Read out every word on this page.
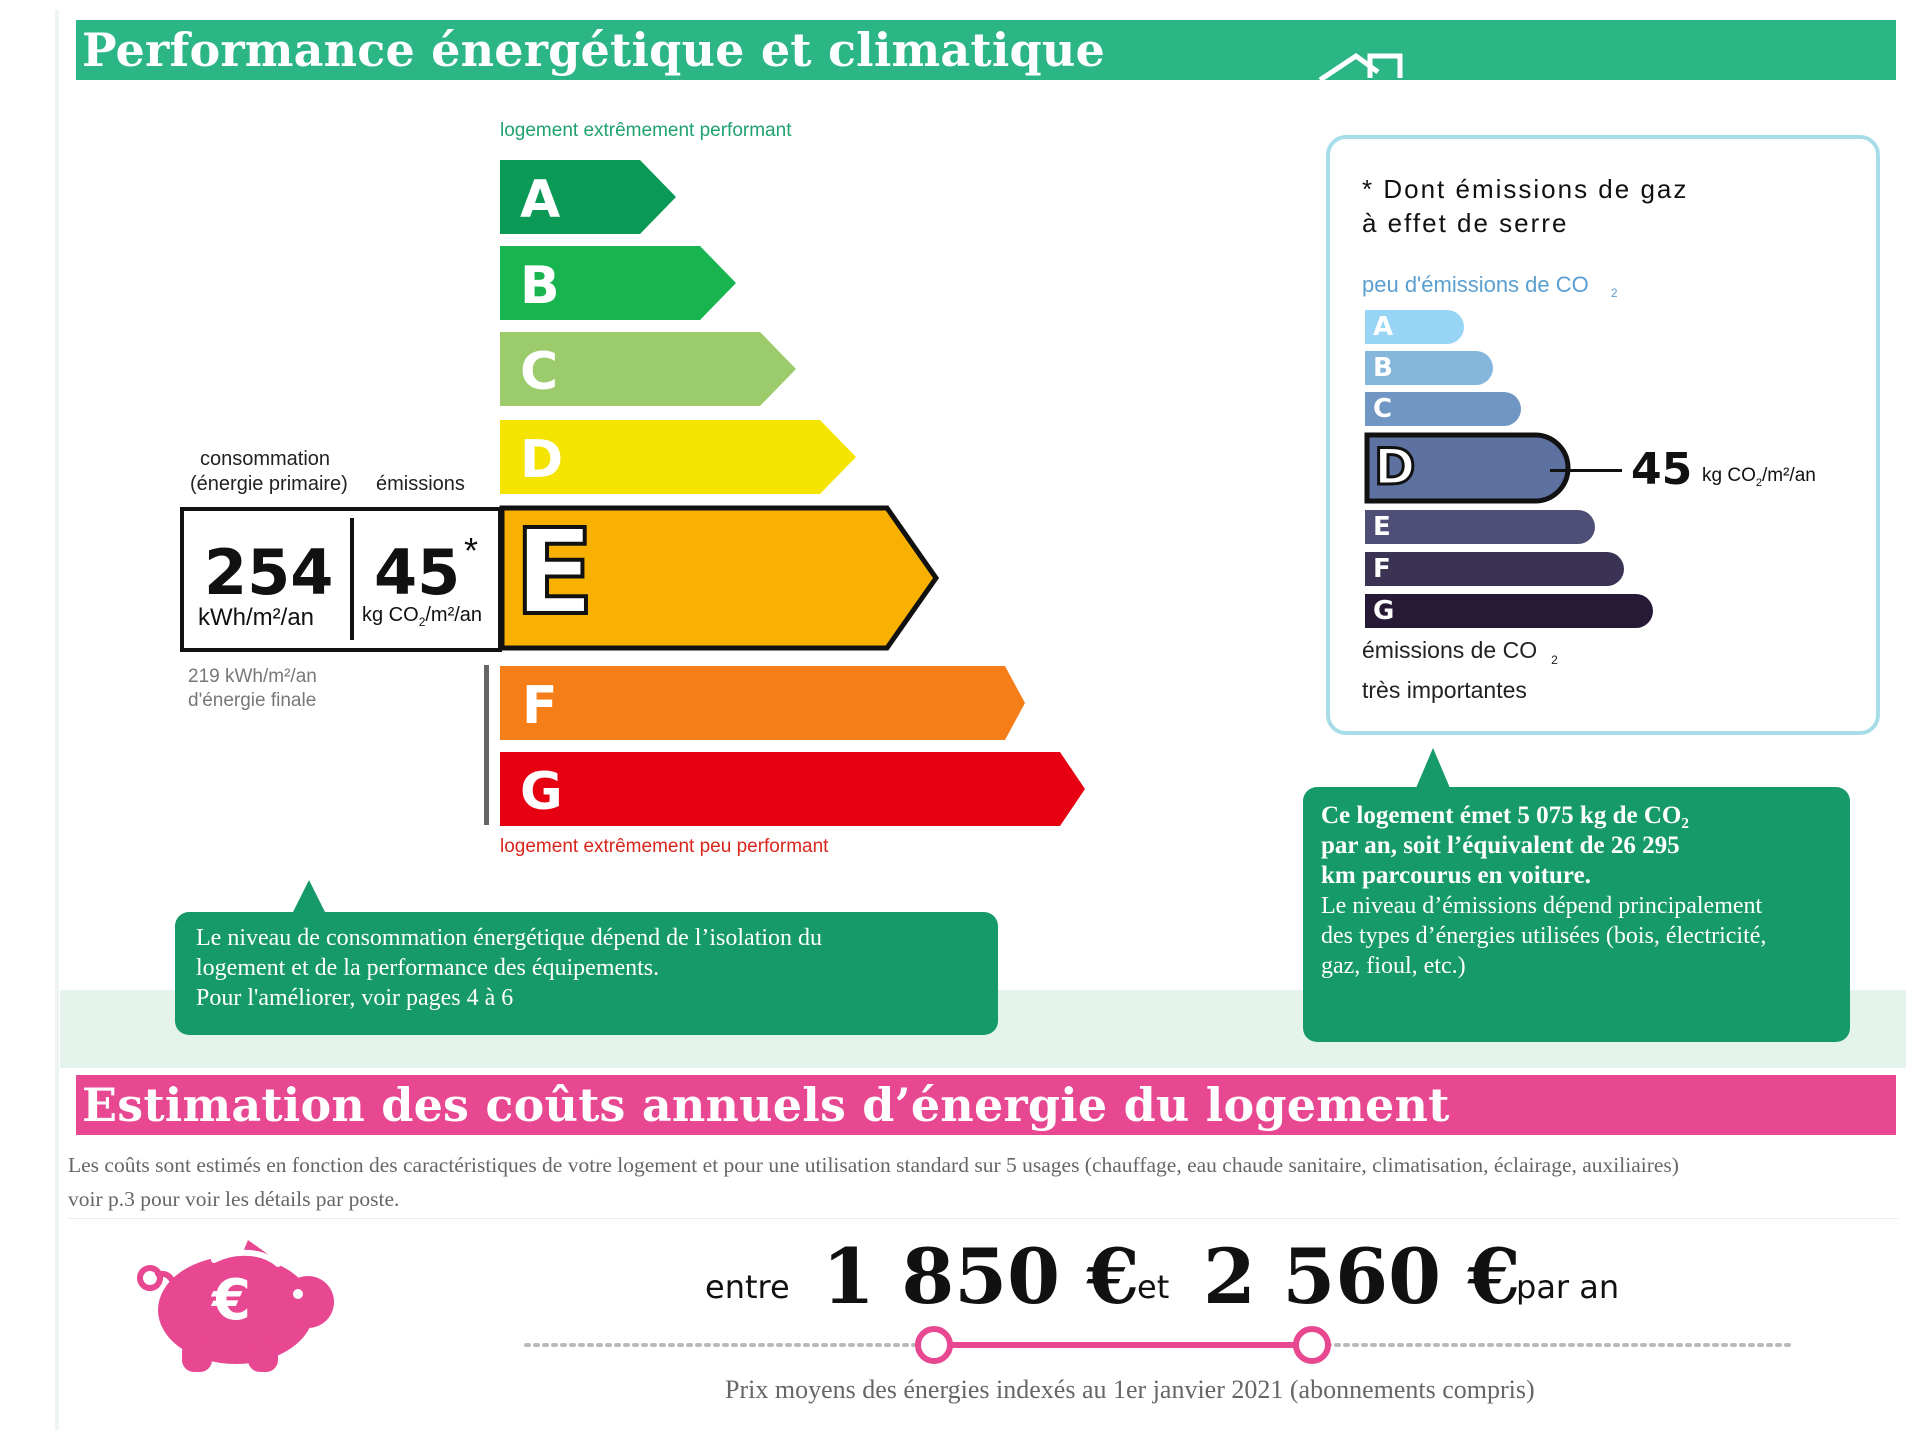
Performance énergétique et climatique
logement extrêmement performant
A
B
C
D
E
F
G
logement extrêmement peu performant
consommation
(énergie primaire) émissions
254
kWh/m²/an
45 *
kg $CO_2/m^2/an$
219 kWh/m²/an
d'énergie finale
Le niveau de consommation énergétique dépend de l’isolation du
logement et de la performance des équipements.
Pour l'améliorer, voir pages 4 à 6
* Dont émissions de gaz
à effet de serre
peu d'émissions de CO $_2$
A
B
C
D
E
F
G
45 kg $CO_2/m^2/an$
émissions de CO $_2$
très importantes
Ce logement émet 5 075 kg de CO₂
par an, soit l’équivalent de 26 295
km parcourus en voiture.
Le niveau d’émissions dépend principalement
des types d’énergies utilisées (bois, électricité,
gaz, fioul, etc.)
Estimation des coûts annuels d’énergie du logement
Les coûts sont estimés en fonction des caractéristiques de votre logement et pour une utilisation standard sur 5 usages (chauffage, eau chaude sanitaire, climatisation, éclairage, auxiliaires)
voir p.3 pour voir les détails par poste.
€	entre 1 850 €
et 2 560 €
par an
Prix moyens des énergies indexés au 1er janvier 2021 (abonnements compris)
